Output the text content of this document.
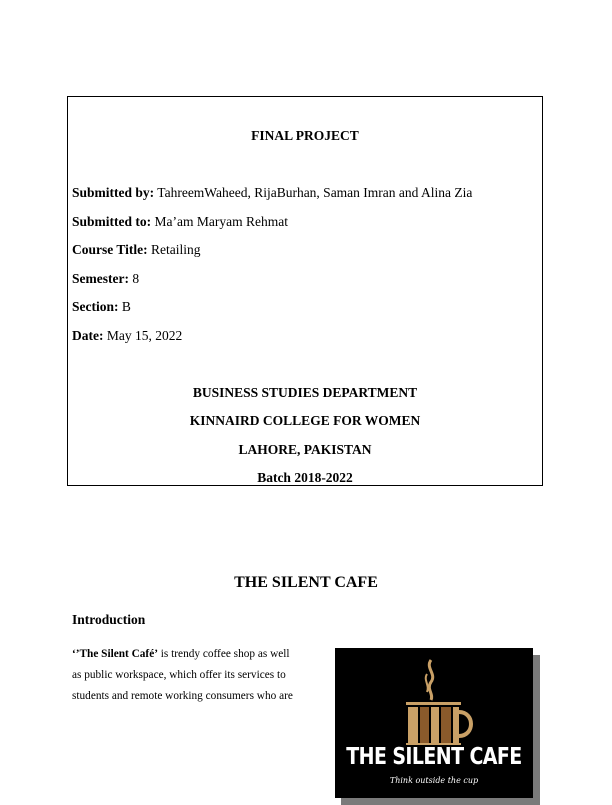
FINAL PROJECT
Submitted by: TahreemWaheed, RijaBurhan, Saman Imran and Alina Zia
Submitted to: Ma’am Maryam Rehmat
Course Title: Retailing
Semester: 8
Section: B
Date: May 15, 2022
BUSINESS STUDIES DEPARTMENT
KINNAIRD COLLEGE FOR WOMEN
LAHORE, PAKISTAN
Batch 2018-2022
THE SILENT CAFE
Introduction
‘’The Silent Café’ is trendy coffee shop as well
as public workspace, which offer its services to
students and remote working consumers who are
THE SILENT CAFE
Think outside the cup
